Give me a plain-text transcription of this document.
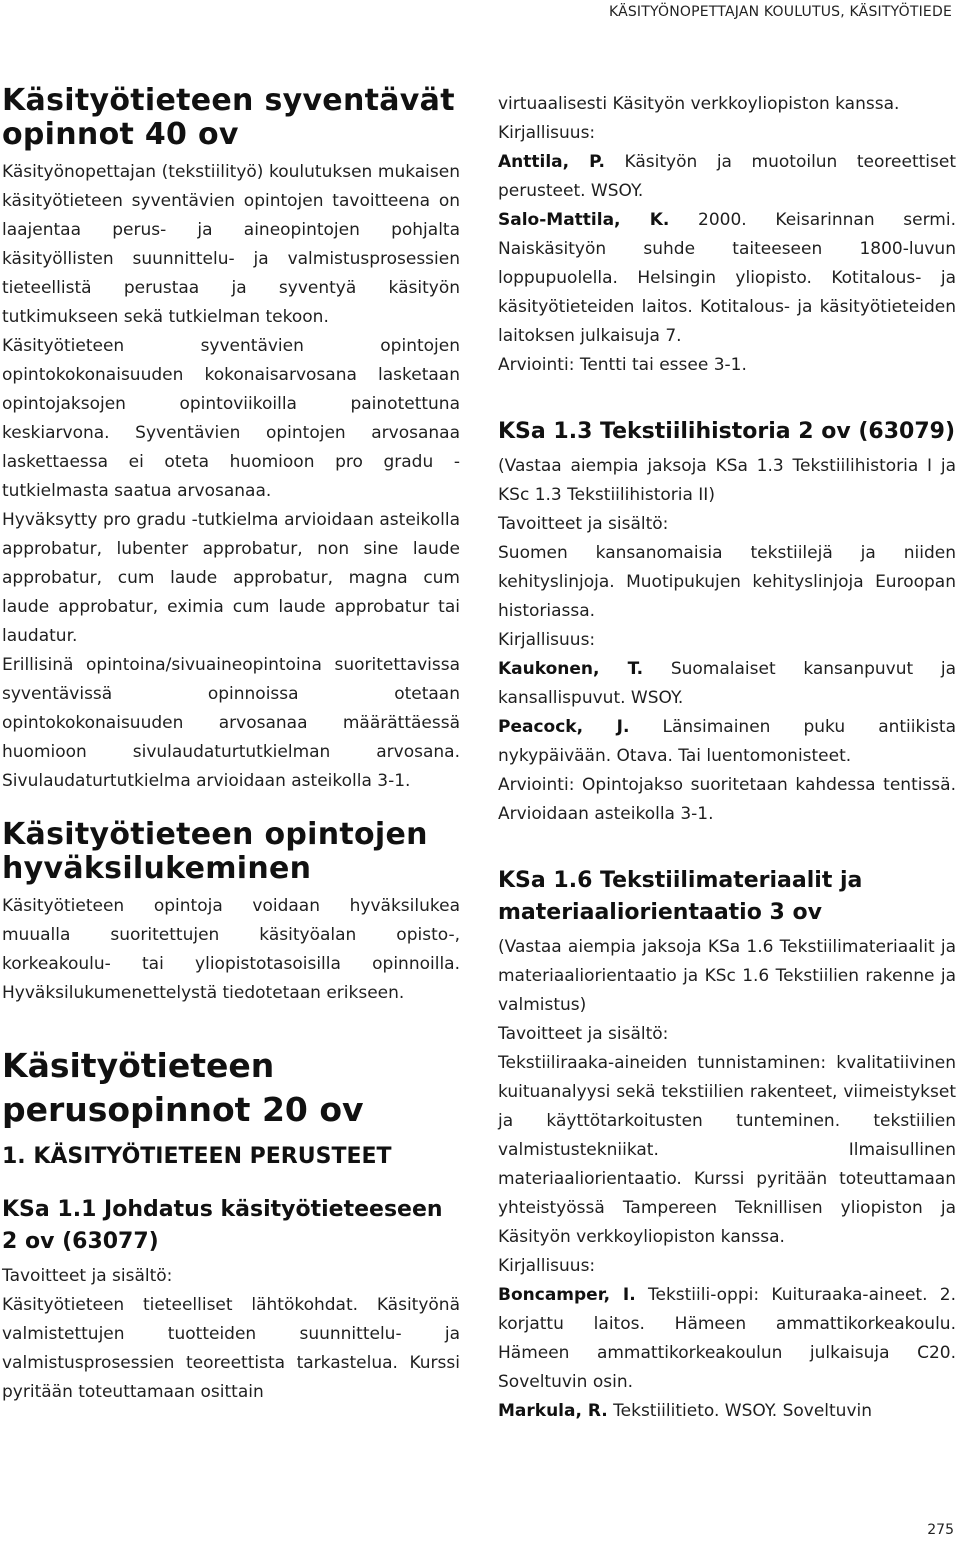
KÄSITYÖNOPETTAJAN KOULUTUS, KÄSITYÖTIEDE
Käsityötieteen syventävät opinnot 40 ov

Käsityönopettajan (tekstiilityö) koulutuksen mukaisen käsityötieteen syventävien opintojen tavoitteena on laajentaa perus- ja aineopintojen pohjalta käsityöllisten suunnittelu- ja valmistusprosessien tieteellistä perustaa ja syventyä käsityön tutkimukseen sekä tutkielman tekoon.

Käsityötieteen syventävien opintojen opintokokonaisuuden kokonaisarvosana lasketaan opintojaksojen opintoviikoilla painotettuna keskiarvona. Syventävien opintojen arvosanaa laskettaessa ei oteta huomioon pro gradu -tutkielmasta saatua arvosanaa.

Hyväksytty pro gradu -tutkielma arvioidaan asteikolla approbatur, lubenter approbatur, non sine laude approbatur, cum laude approbatur, magna cum laude approbatur, eximia cum laude approbatur tai laudatur.

Erillisinä opintoina/sivuaineopintoina suoritettavissa syventävissä opinnoissa otetaan opintokokonaisuuden arvosanaa määrättäessä huomioon sivulaudaturtutkielman arvosana. Sivulaudaturtutkielma arvioidaan asteikolla 3-1.

Käsityötieteen opintojen hyväksilukeminen

Käsityötieteen opintoja voidaan hyväksilukea muualla suoritettujen käsityöalan opisto-, korkeakoulu- tai yliopistotasoisilla opinnoilla. Hyväksilukumenettelystä tiedotetaan erikseen.

Käsityötieteen perusopinnot 20 ov
1. KÄSITYÖTIETEEN PERUSTEET
KSa 1.1 Johdatus käsityötieteeseen 2 ov (63077)

Tavoitteet ja sisältö:

Käsityötieteen tieteelliset lähtökohdat. Käsityönä valmistettujen tuotteiden suunnittelu- ja valmistusprosessien teoreettista tarkastelua. Kurssi pyritään toteuttamaan osittain

virtuaalisesti Käsityön verkkoyliopiston kanssa.

Kirjallisuus:

Anttila, P. Käsityön ja muotoilun teoreettiset perusteet. WSOY.

Salo-Mattila, K. 2000. Keisarinnan sermi. Naiskäsityön suhde taiteeseen 1800-luvun loppupuolella. Helsingin yliopisto. Kotitalous- ja käsityötieteiden laitos. Kotitalous- ja käsityötieteiden laitoksen julkaisuja 7.

Arviointi: Tentti tai essee 3-1.

KSa 1.3 Tekstiilihistoria 2 ov (63079)

(Vastaa aiempia jaksoja KSa 1.3 Tekstiilihistoria I ja KSc 1.3 Tekstiilihistoria II)

Tavoitteet ja sisältö:

Suomen kansanomaisia tekstiilejä ja niiden kehityslinjoja. Muotipukujen kehityslinjoja Euroopan historiassa.

Kirjallisuus:

Kaukonen, T. Suomalaiset kansanpuvut ja kansallispuvut. WSOY.

Peacock, J. Länsimainen puku antiikista nykypäivään. Otava. Tai luentomonisteet.

Arviointi: Opintojakso suoritetaan kahdessa tentissä. Arvioidaan asteikolla 3-1.

KSa 1.6 Tekstiilimateriaalit ja materiaaliorientaatio 3 ov

(Vastaa aiempia jaksoja KSa 1.6 Tekstiilimateriaalit ja materiaaliorientaatio ja KSc 1.6 Tekstiilien rakenne ja valmistus)

Tavoitteet ja sisältö:

Tekstiiliraaka-aineiden tunnistaminen: kvalitatiivinen kuituanalyysi sekä tekstiilien rakenteet, viimeistykset ja käyttötarkoitusten tunteminen. tekstiilien valmistustekniikat. Ilmaisullinen materiaaliorientaatio. Kurssi pyritään toteuttamaan yhteistyössä Tampereen Teknillisen yliopiston ja Käsityön verkkoyliopiston kanssa.

Kirjallisuus:

Boncamper, I. Tekstiili-oppi: Kuituraaka-aineet. 2. korjattu laitos. Hämeen ammattikorkeakoulu. Hämeen ammattikorkeakoulun julkaisuja C20. Soveltuvin osin.

Markula, R. Tekstiilitieto. WSOY. Soveltuvin

275
